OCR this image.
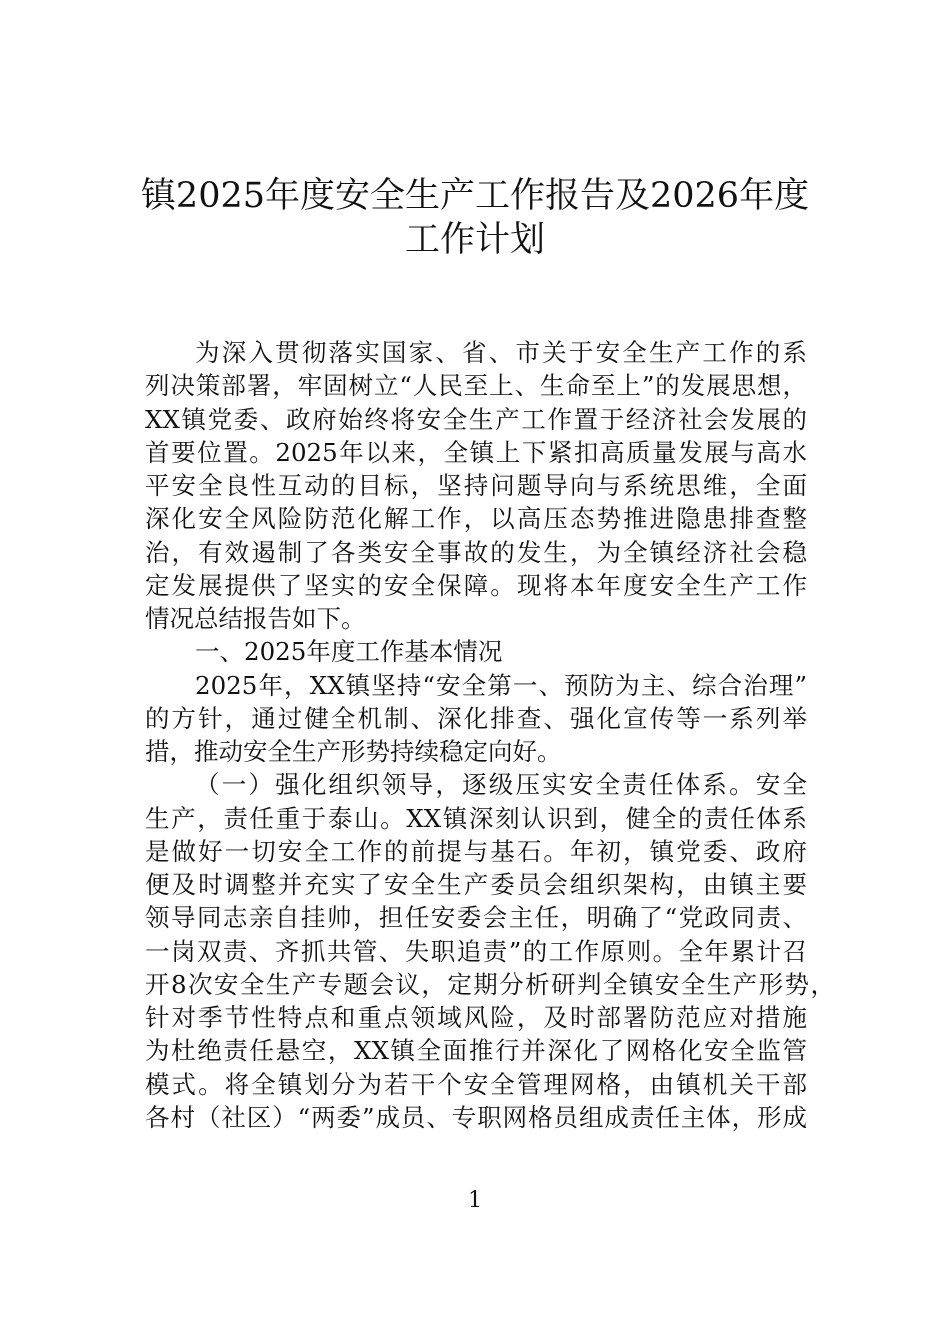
镇2025年度安全生产工作报告及2026年度
工作计划
为深入贯彻落实国家、省、市关于安全生产工作的系
列决策部署，牢固树立“人民至上、生命至上”的发展思想，
XX镇党委、政府始终将安全生产工作置于经济社会发展的
首要位置。2025年以来，全镇上下紧扣高质量发展与高水
平安全良性互动的目标，坚持问题导向与系统思维，全面
深化安全风险防范化解工作，以高压态势推进隐患排查整
治，有效遏制了各类安全事故的发生，为全镇经济社会稳
定发展提供了坚实的安全保障。现将本年度安全生产工作
情况总结报告如下。
一、2025年度工作基本情况
2025年，XX镇坚持“安全第一、预防为主、综合治理”
的方针，通过健全机制、深化排查、强化宣传等一系列举
措，推动安全生产形势持续稳定向好。
（一）强化组织领导，逐级压实安全责任体系。安全
生产，责任重于泰山。XX镇深刻认识到，健全的责任体系
是做好一切安全工作的前提与基石。年初，镇党委、政府
便及时调整并充实了安全生产委员会组织架构，由镇主要
领导同志亲自挂帅，担任安委会主任，明确了“党政同责、
一岗双责、齐抓共管、失职追责”的工作原则。全年累计召
开8次安全生产专题会议，定期分析研判全镇安全生产形势，
针对季节性特点和重点领域风险，及时部署防范应对措施
为杜绝责任悬空，XX镇全面推行并深化了网格化安全监管
模式。将全镇划分为若干个安全管理网格，由镇机关干部
各村（社区）“两委”成员、专职网格员组成责任主体，形成
1
